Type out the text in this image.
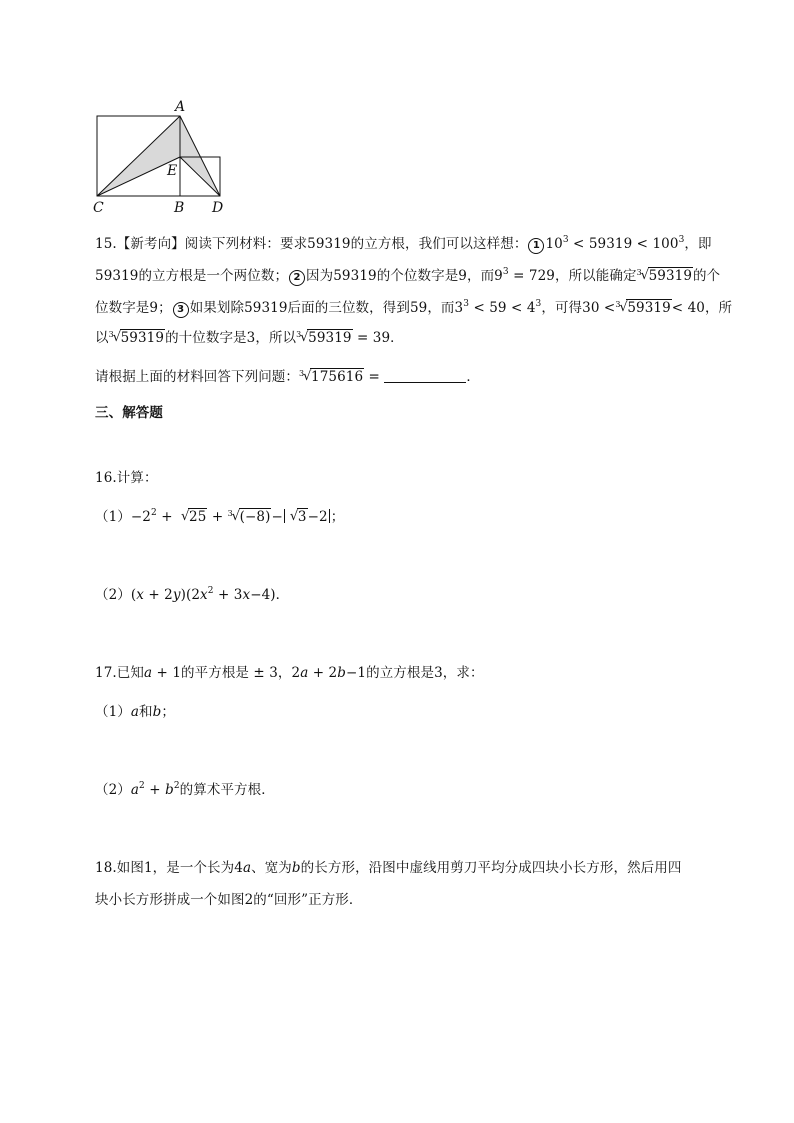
A
E
C	B D
15.【新考向】阅读下列材料：要求59319的立方根，我们可以这样想： 1 $10^3 < 59319 < 100^3$，即
59319的立方根是一个两位数； 2 因为59319的个位数字是9，而$9^3 = 729$，所以能确定 3
√ 59319的个
位数字是9； 3 如果划除59319后面的三位数，得到59，而$3^3 < 59 < 4^3$，可得30 < 3
√ 59319< 40，所
以 3
√ 59319的十位数字是3，所以 3
√ 59319 = 39．
请根据上面的材料回答下列问题： 3
√ 175616 =	．
三、解答题
16.计算：
$(1)-2^2$ + √ 25 + 3
√ (−8)− √ 3−2 ；
$(2)(x + 2y)(2x^2 + 3x-4)$．
17.已知a + 1的平方根是 ± 3，2a + 2b−1的立方根是3，求：
（1）a和b；
$(2)a^2 + b^2$的算术平方根．
18.如图1，是一个长为4a、宽为b的长方形，沿图中虚线用剪刀平均分成四块小长方形，然后用四
块小长方形拼成一个如图2的“回形”正方形．
